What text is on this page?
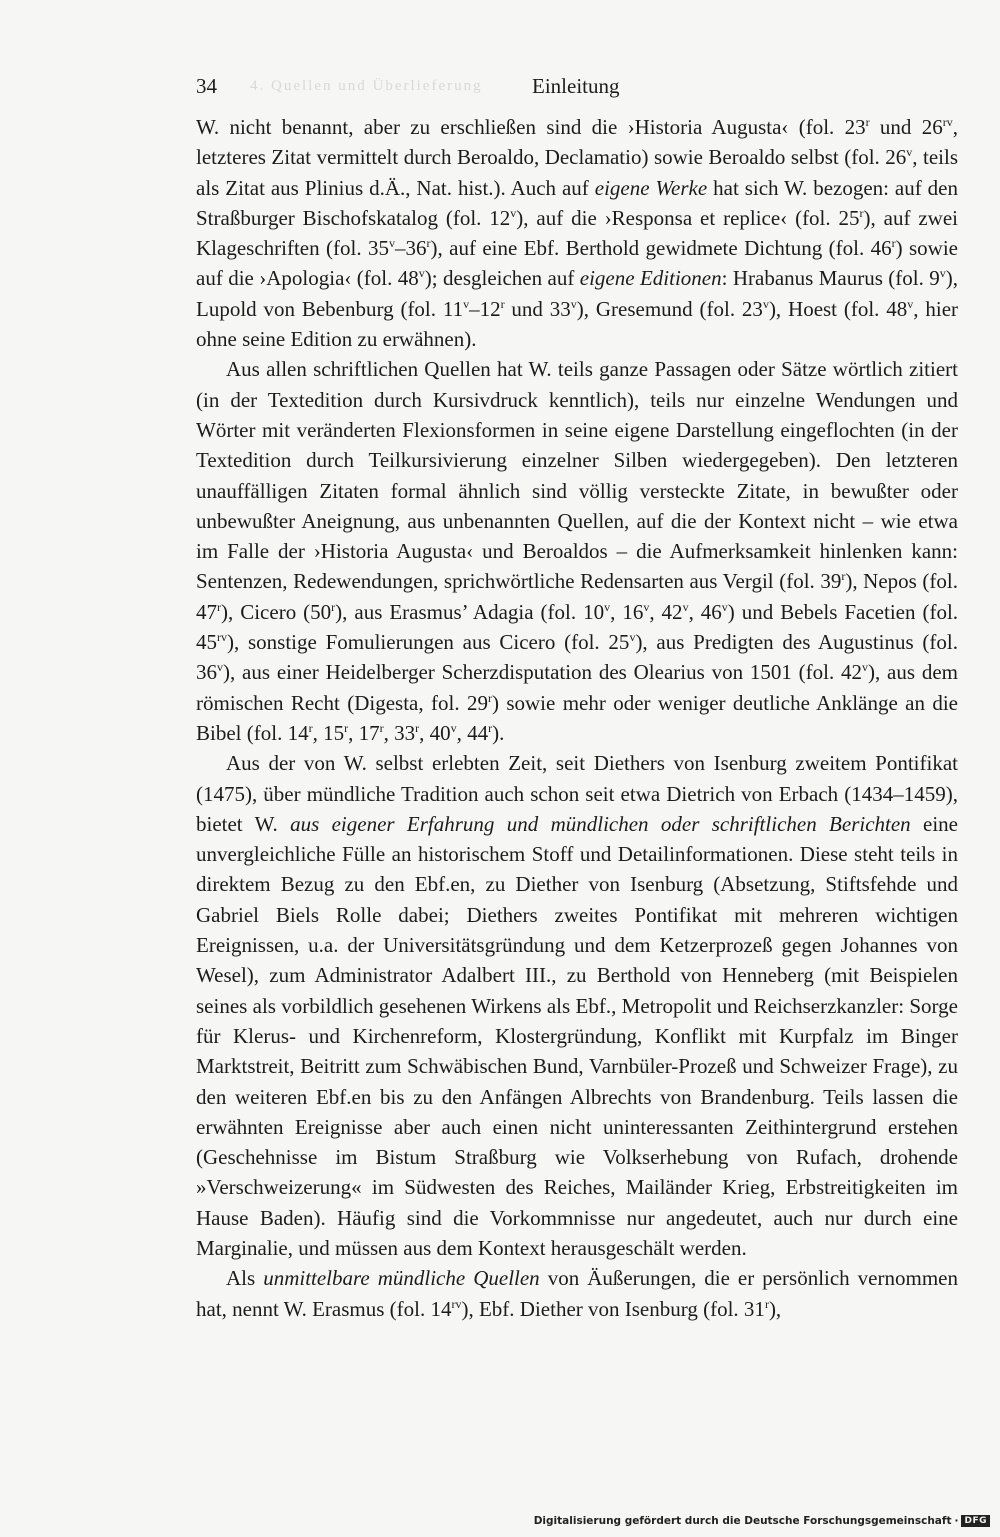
4. Quellen und Überlieferung
34	Einleitung

W. nicht benannt, aber zu erschließen sind die ›Historia Augusta‹ (fol. 23$^r$ und $26^{rv}$, letzteres Zitat vermittelt durch Beroaldo, Declamatio) sowie Beroaldo selbst (fol. 26$^v$, teils als Zitat aus Plinius d.Ä., Nat. hist.). Auch auf eigene Werke hat sich W. bezogen: auf den Straßburger Bischofskatalog (fol. 12$^v$), auf die ›Responsa et replice‹ (fol. 25$^r$), auf zwei Klageschriften (fol. 35$^v$–36$^r$), auf eine Ebf. Berthold gewidmete Dichtung (fol. 46$^r$) sowie auf die ›Apologia‹ (fol. 48$^v$); desgleichen auf eigene Editionen: Hrabanus Maurus (fol. 9$^v$), Lupold von Bebenburg (fol. 11$^v$–12$^r$ und 33$^v$), Gresemund (fol. 23$^v$), Hoest (fol. 48$^v$, hier ohne seine Edition zu erwähnen).

Aus allen schriftlichen Quellen hat W. teils ganze Passagen oder Sätze wörtlich zitiert (in der Textedition durch Kursivdruck kenntlich), teils nur einzelne Wendungen und Wörter mit veränderten Flexionsformen in seine eigene Darstellung eingeflochten (in der Textedition durch Teilkursivierung einzelner Silben wiedergegeben). Den letzteren unauffälligen Zitaten formal ähnlich sind völlig versteckte Zitate, in bewußter oder unbewußter Aneignung, aus unbenannten Quellen, auf die der Kontext nicht – wie etwa im Falle der ›Historia Augusta‹ und Beroaldos – die Aufmerksamkeit hinlenken kann: Sentenzen, Redewendungen, sprichwörtliche Redensarten aus Vergil (fol. 39$^r$), Nepos (fol. 47$^r$), Cicero (50$^r$), aus Erasmus’ Adagia (fol. 10$^v$, 16$^v$, 42$^v$, 46$^v$) und Bebels Facetien (fol. $45^{rv}$), sonstige Fomulierungen aus Cicero (fol. 25$^v$), aus Predigten des Augustinus (fol. 36$^v$), aus einer Heidelberger Scherzdisputation des Olearius von 1501 (fol. 42$^v$), aus dem römischen Recht (Digesta, fol. 29$^r$) sowie mehr oder weniger deutliche Anklänge an die Bibel (fol. 14$^r$, 15$^r$, 17$^r$, 33$^r$, 40$^v$, 44$^r$).

Aus der von W. selbst erlebten Zeit, seit Diethers von Isenburg zweitem Pontifikat (1475), über mündliche Tradition auch schon seit etwa Dietrich von Erbach (1434–1459), bietet W. aus eigener Erfahrung und mündlichen oder schriftlichen Berichten eine unvergleichliche Fülle an historischem Stoff und Detailinformationen. Diese steht teils in direktem Bezug zu den Ebf.en, zu Diether von Isenburg (Absetzung, Stiftsfehde und Gabriel Biels Rolle dabei; Diethers zweites Pontifikat mit mehreren wichtigen Ereignissen, u.a. der Universitätsgründung und dem Ketzerprozeß gegen Johannes von Wesel), zum Administrator Adalbert III., zu Berthold von Henneberg (mit Beispielen seines als vorbildlich gesehenen Wirkens als Ebf., Metropolit und Reichserzkanzler: Sorge für Klerus- und Kirchenreform, Klostergründung, Konflikt mit Kurpfalz im Binger Marktstreit, Beitritt zum Schwäbischen Bund, Varnbüler-Prozeß und Schweizer Frage), zu den weiteren Ebf.en bis zu den Anfängen Albrechts von Brandenburg. Teils lassen die erwähnten Ereignisse aber auch einen nicht uninteressanten Zeithintergrund erstehen (Geschehnisse im Bistum Straßburg wie Volkserhebung von Rufach, drohende »Verschweizerung« im Südwesten des Reiches, Mailänder Krieg, Erbstreitigkeiten im Hause Baden). Häufig sind die Vorkommnisse nur angedeutet, auch nur durch eine Marginalie, und müssen aus dem Kontext herausgeschält werden.

Als unmittelbare mündliche Quellen von Äußerungen, die er persönlich vernommen hat, nennt W. Erasmus (fol. $14^{rv}$), Ebf. Diether von Isenburg (fol. 31$^r$),

Digitalisierung gefördert durch die Deutsche Forschungsgemeinschaft · DFG
